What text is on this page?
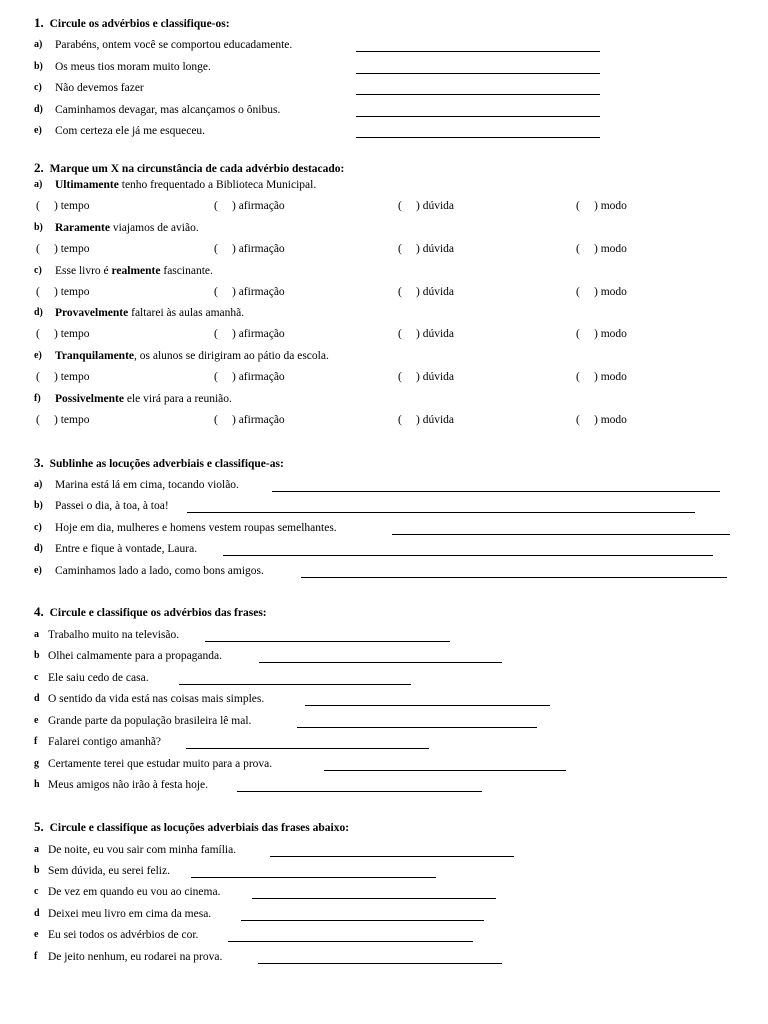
1. Circule os advérbios e classifique-os:
a) Parabéns, ontem você se comportou educadamente.
b) Os meus tios moram muito longe.
c) Não devemos fazer
d) Caminhamos devagar, mas alcançamos o ônibus.
e) Com certeza ele já me esqueceu.
2. Marque um X na circunstância de cada advérbio destacado:
a) Ultimamente tenho frequentado a Biblioteca Municipal.
( ) tempo	( ) afirmação	( ) dúvida	( ) modo
b) Raramente viajamos de avião.
( ) tempo	( ) afirmação	( ) dúvida	( ) modo
c) Esse livro é realmente fascinante.
( ) tempo	( ) afirmação	( ) dúvida	( ) modo
d) Provavelmente faltarei às aulas amanhã.
( ) tempo	( ) afirmação	( ) dúvida	( ) modo
e) Tranquilamente, os alunos se dirigiram ao pátio da escola.
( ) tempo	( ) afirmação	( ) dúvida	( ) modo
f) Possivelmente ele virá para a reunião.
( ) tempo	( ) afirmação	( ) dúvida	( ) modo
3. Sublinhe as locuções adverbiais e classifique-as:
a) Marina está lá em cima, tocando violão.
b) Passei o dia, à toa, à toa!
c) Hoje em dia, mulheres e homens vestem roupas semelhantes.
d) Entre e fique à vontade, Laura.
e) Caminhamos lado a lado, como bons amigos.
4. Circule e classifique os advérbios das frases:
a Trabalho muito na televisão.
b Olhei calmamente para a propaganda.
c Ele saiu cedo de casa.
d O sentido da vida está nas coisas mais simples.
e Grande parte da população brasileira lê mal.
f Falarei contigo amanhã?
g Certamente terei que estudar muito para a prova.
h Meus amigos não irão à festa hoje.
5. Circule e classifique as locuções adverbiais das frases abaixo:
a De noite, eu vou sair com minha família.
b Sem dúvida, eu serei feliz.
c De vez em quando eu vou ao cinema.
d Deixei meu livro em cima da mesa.
e Eu sei todos os advérbios de cor.
f De jeito nenhum, eu rodarei na prova.
